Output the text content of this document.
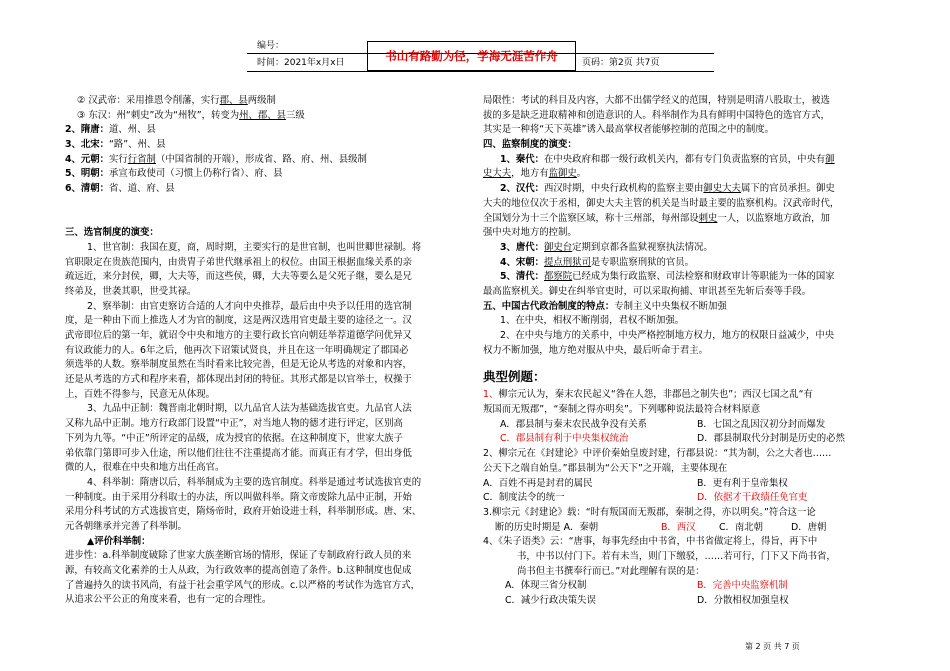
编号：
时间：2021年x月x日	书山有路勤为径，学海无涯苦作舟	页码：第2页 共7页
② 汉武帝：采用推恩令削藩，实行郡、县两级制
③ 东汉：州“刺史”改为“州牧”，转变为州、郡、县三级
2、隋唐：道、州、县
3、北宋：“路”、州、县
4、元朝：实行行省制（中国省制的开端），形成省、路、府、州、县级制
5、明朝：承宣布政使司（习惯上仍称行省）、府、县
6、清朝：省、道、府、县
三、选官制度的演变：
1、世官制：我国在夏，商，周时期，主要实行的是世官制，也叫世卿世禄制。将
官职限定在贵族范围内，由贵胄子弟世代继承祖上的权位。由国王根据血缘关系的亲
疏远近，来分封侯，卿，大夫等，而这些侯，卿，大夫等要么是父死子继，要么是兄
终弟及，世袭其职，世受其禄。
2、察举制：由官吏察访合适的人才向中央推荐，最后由中央予以任用的选官制
度，是一种由下而上推选人才为官的制度，这是两汉选用官吏最主要的途径之一。汉
武帝即位后的第一年，就诏令中央和地方的主要行政长官向朝廷举荐道德学问优异又
有议政能力的人。6年之后，他再次下诏策试贤良，并且在这一年明确规定了郡国必
须选举的人数。察举制度虽然在当时看来比较完善，但是无论从考选的对象和内容，
还是从考选的方式和程序来看，都体现出封闭的特征。其形式都是以官举士，权操于
上，百姓不得参与，民意无从体现。
3、九品中正制：魏晋南北朝时期，以九品官人法为基础选拔官吏。九品官人法
又称九品中正制。地方行政部门设置“中正”，对当地人物的德才进行评定，区别高
下列为九等。“中正”所评定的品级，成为授官的依据。在这种制度下，世家大族子
弟依靠门第即可步入仕途，所以他们往往不注重提高才能。而真正有才学，但出身低
微的人，很难在中央和地方出任高官。
4、科举制：隋唐以后，科举制成为主要的选官制度。科举是通过考试选拔官吏的
一种制度。由于采用分科取士的办法，所以叫做科举。隋文帝废除九品中正制，开始
采用分科考试的方式选拔官吏，隋炀帝时，政府开始设进士科，科举制形成。唐、宋、
元各朝继承并完善了科举制。
▲评价科举制：
进步性：a.科举制度破除了世家大族垄断官场的情形，保证了专制政府行政人员的来
源，有较高文化素养的士人从政，为行政效率的提高创造了条件。b.这种制度也促成
了普遍持久的读书风尚，有益于社会重学风气的形成。c.以严格的考试作为选官方式，
从追求公平公正的角度来看，也有一定的合理性。
局限性：考试的科目及内容，大都不出儒学经义的范围，特别是明清八股取士，被选
拔的多是缺乏进取精神和创造意识的人。科举制作为具有鲜明中国特色的选官方式，
其实是一种将“天下英雄”诱入最高掌权者能够控制的范围之中的制度。
四、监察制度的演变：
1、秦代：在中央政府和郡一级行政机关内，都有专门负责监察的官员，中央有御
史大夫，地方有监御史。
2、汉代：西汉时期，中央行政机构的监察主要由御史大夫属下的官员承担。御史
大夫的地位仅次于丞相，御史大夫主管的机关是当时最主要的监察机构。汉武帝时代，
全国划分为十三个监察区域，称十三州部，每州部设刺史一人，以监察地方政治，加
强中央对地方的控制。
3、唐代：御史台定期到京都各监狱视察执法情况。
4、宋朝：提点刑狱司是专职监察刑狱的官员。
5、清代：都察院已经成为集行政监察、司法检察和财政审计等职能为一体的国家
最高监察机关。御史在纠举官吏时，可以采取拘捕、审讯甚至先斩后奏等手段。
五、中国古代政治制度的特点：专制主义中央集权不断加强
1、在中央，相权不断削弱，君权不断加强。
2、在中央与地方的关系中，中央严格控制地方权力，地方的权限日益减少，中央
权力不断加强，地方绝对服从中央，最后听命于君主。
典型例题：
1、柳宗元认为，秦末农民起义“咎在人怨，非郡邑之制失也”；西汉七国之乱“有
叛国而无叛郡”，“秦制之得亦明矣”。下列哪种说法最符合材料原意
A．郡县制与秦末农民战争没有关系	B．七国之乱因汉初分封而爆发
C．郡县制有利于中央集权统治	D．郡县制取代分封制是历史的必然
2、柳宗元在《封建论》中评价秦始皇废封建，行郡县说：“其为制，公之大者也……
公天下之端自始皇。”郡县制为“公天下”之开端，主要体现在
A．百姓不再是封君的属民	B．更有利于皇帝集权
C．制度法令的统一	D．依据才干政绩任免官吏
3.柳宗元《封建论》载：“时有叛国而无叛郡，秦制之得，亦以明矣。”符合这一论
断的历史时期是 A．秦朝	B．西汉	C．南北朝	D．唐朝
4、《朱子语类》云：“唐事，每事先经由中书省，中书省做定将上，得旨，再下中
书，中书以付门下。若有未当，则门下缴驳，……若可行，门下又下尚书省，
尚书但主书撰奉行而已。”对此理解有误的是：
A．体现三省分权制	B．完善中央监察机制
C．减少行政决策失误	D．分散相权加强皇权
第 2 页 共 7 页
